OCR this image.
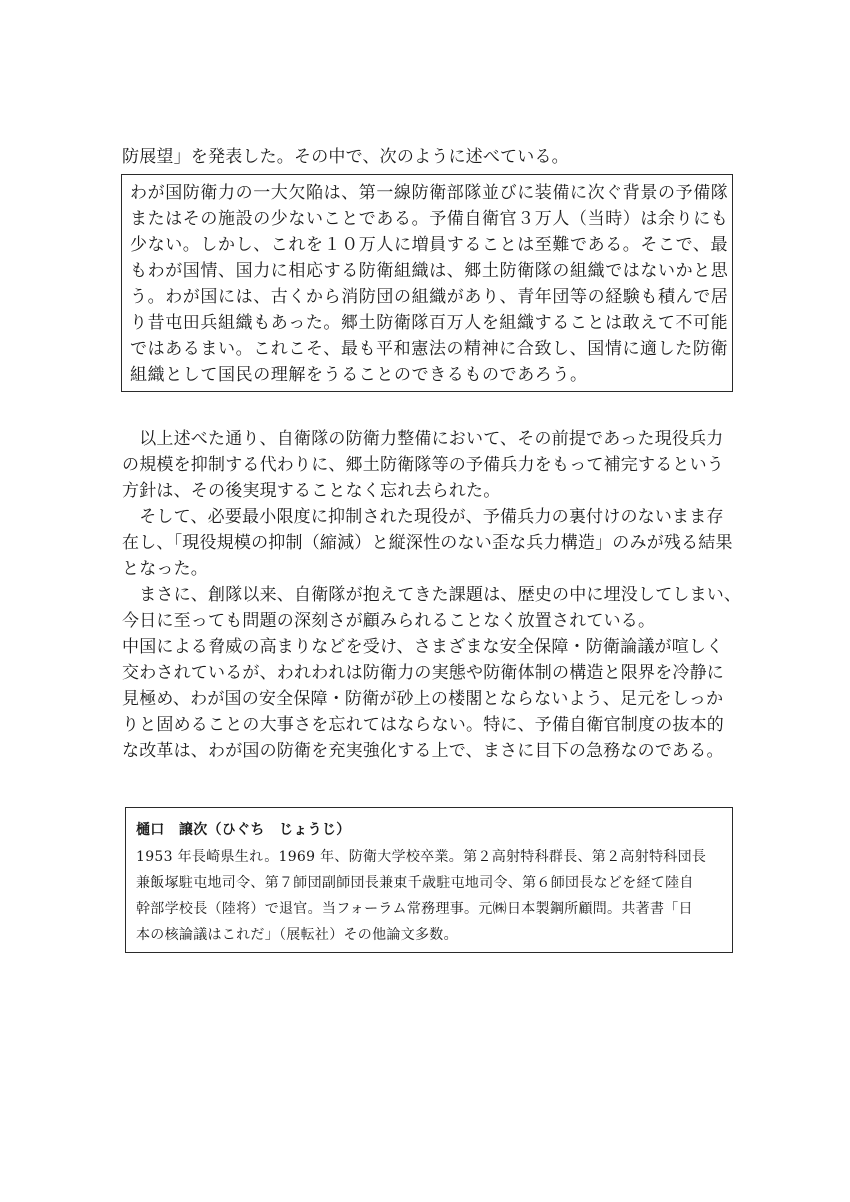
防展望」を発表した。その中で、次のように述べている。
わが国防衛力の一大欠陥は、第一線防衛部隊並びに装備に次ぐ背景の予備隊
またはその施設の少ないことである。予備自衛官３万人（当時）は余りにも
少ない。しかし、これを１０万人に増員することは至難である。そこで、最
もわが国情、国力に相応する防衛組織は、郷土防衛隊の組織ではないかと思
う。わが国には、古くから消防団の組織があり、青年団等の経験も積んで居
り昔屯田兵組織もあった。郷土防衛隊百万人を組織することは敢えて不可能
ではあるまい。これこそ、最も平和憲法の精神に合致し、国情に適した防衛
組織として国民の理解をうることのできるものであろう。
　以上述べた通り、自衛隊の防衛力整備において、その前提であった現役兵力
の規模を抑制する代わりに、郷土防衛隊等の予備兵力をもって補完するという
方針は、その後実現することなく忘れ去られた。
　そして、必要最小限度に抑制された現役が、予備兵力の裏付けのないまま存
在し、「現役規模の抑制（縮減）と縦深性のない歪な兵力構造」のみが残る結果
となった。
　まさに、創隊以来、自衛隊が抱えてきた課題は、歴史の中に埋没してしまい、
今日に至っても問題の深刻さが顧みられることなく放置されている。
中国による脅威の高まりなどを受け、さまざまな安全保障・防衛論議が喧しく
交わされているが、われわれは防衛力の実態や防衛体制の構造と限界を冷静に
見極め、わが国の安全保障・防衛が砂上の楼閣とならないよう、足元をしっか
りと固めることの大事さを忘れてはならない。特に、予備自衛官制度の抜本的
な改革は、わが国の防衛を充実強化する上で、まさに目下の急務なのである。
樋口　譲次（ひぐち　じょうじ）
1953 年長崎県生れ。1969 年、防衛大学校卒業。第２高射特科群長、第２高射特科団長
兼飯塚駐屯地司令、第７師団副師団長兼東千歳駐屯地司令、第６師団長などを経て陸自
幹部学校長（陸将）で退官。当フォーラム常務理事。元㈱日本製鋼所顧問。共著書「日
本の核論議はこれだ」（展転社）その他論文多数。
